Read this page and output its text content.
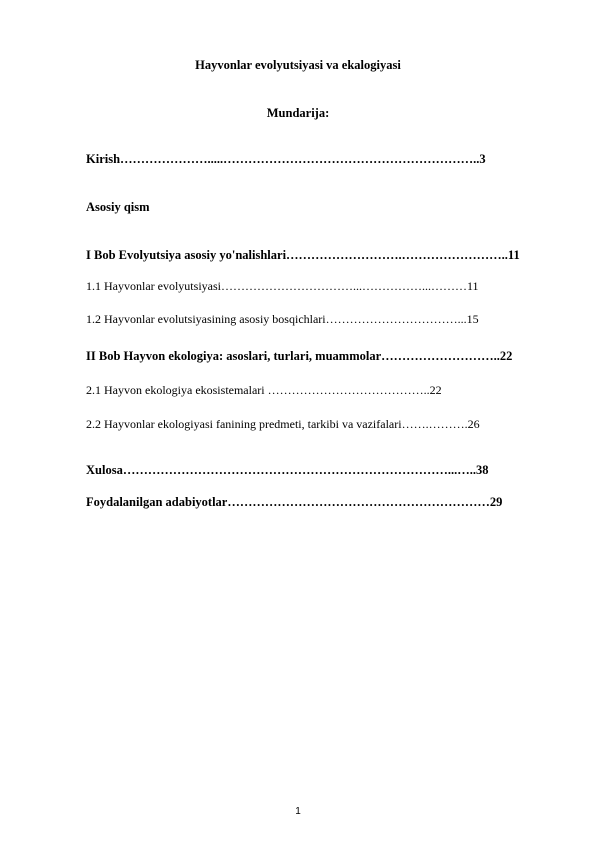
Hayvonlar evolyutsiyasi va ekalogiyasi
Mundarija:
Kirish………………….....……………………………………………………..3
Asosiy qism
I Bob Evolyutsiya asosiy yo'nalishlari……………………….……………………..11
1.1 Hayvonlar evolyutsiyasi……………………………...……………...………11
1.2 Hayvonlar evolutsiyasining asosiy bosqichlari……………………………...15
II Bob Hayvon ekologiya: asoslari, turlari, muammolar………………………..22
2.1 Hayvon ekologiya ekosistemalari …………………………………..22
2.2 Hayvonlar ekologiyasi fanining predmeti, tarkibi va vazifalari…….……….26
Xulosa……………………………………………………………………...…..38
Foydalanilgan adabiyotlar………………………………………………………29
1
